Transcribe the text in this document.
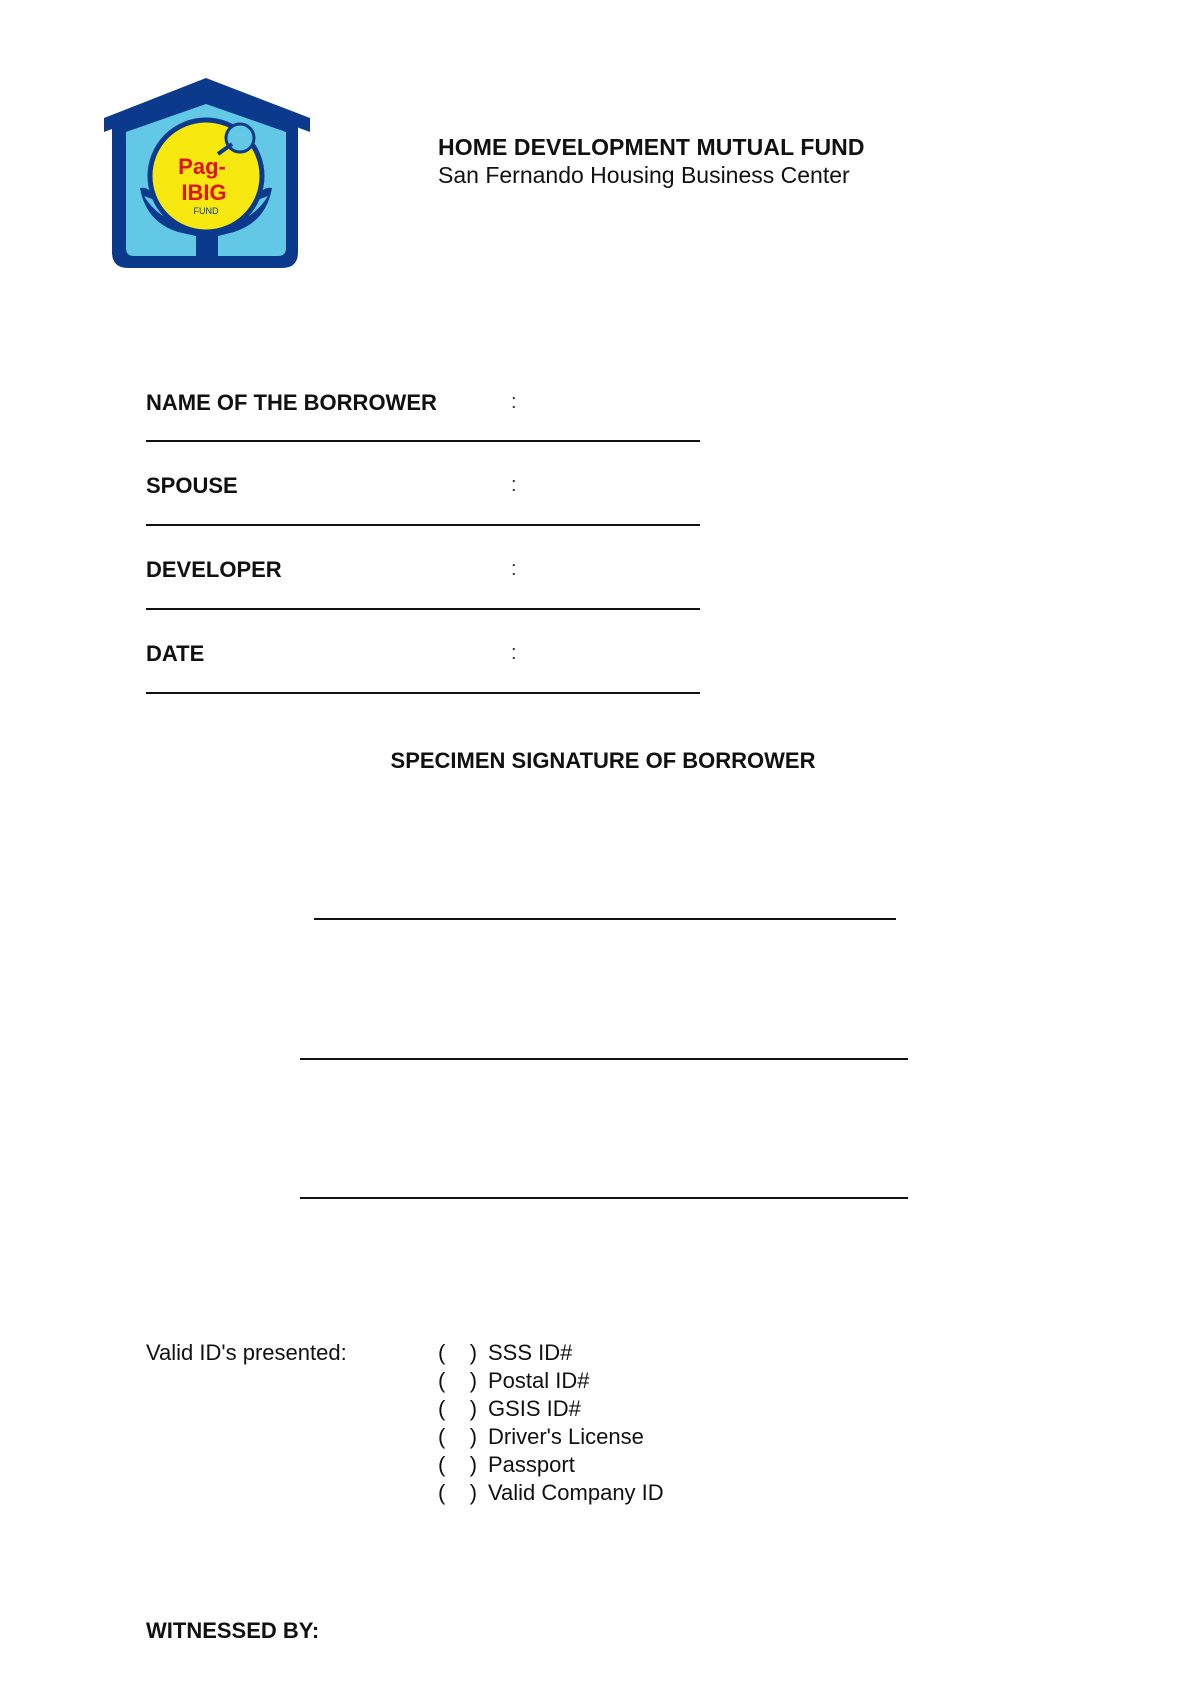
Pag-
IBIG
FUND
HOME DEVELOPMENT MUTUAL FUND
San Fernando Housing Business Center
NAME OF THE BORROWER	:
SPOUSE	:
DEVELOPER	:
DATE	:
SPECIMEN SIGNATURE OF BORROWER
Valid ID's presented:	( ) SSS ID#
( ) Postal ID#
( ) GSIS ID#
( ) Driver's License
( ) Passport
( ) Valid Company ID
WITNESSED BY:
